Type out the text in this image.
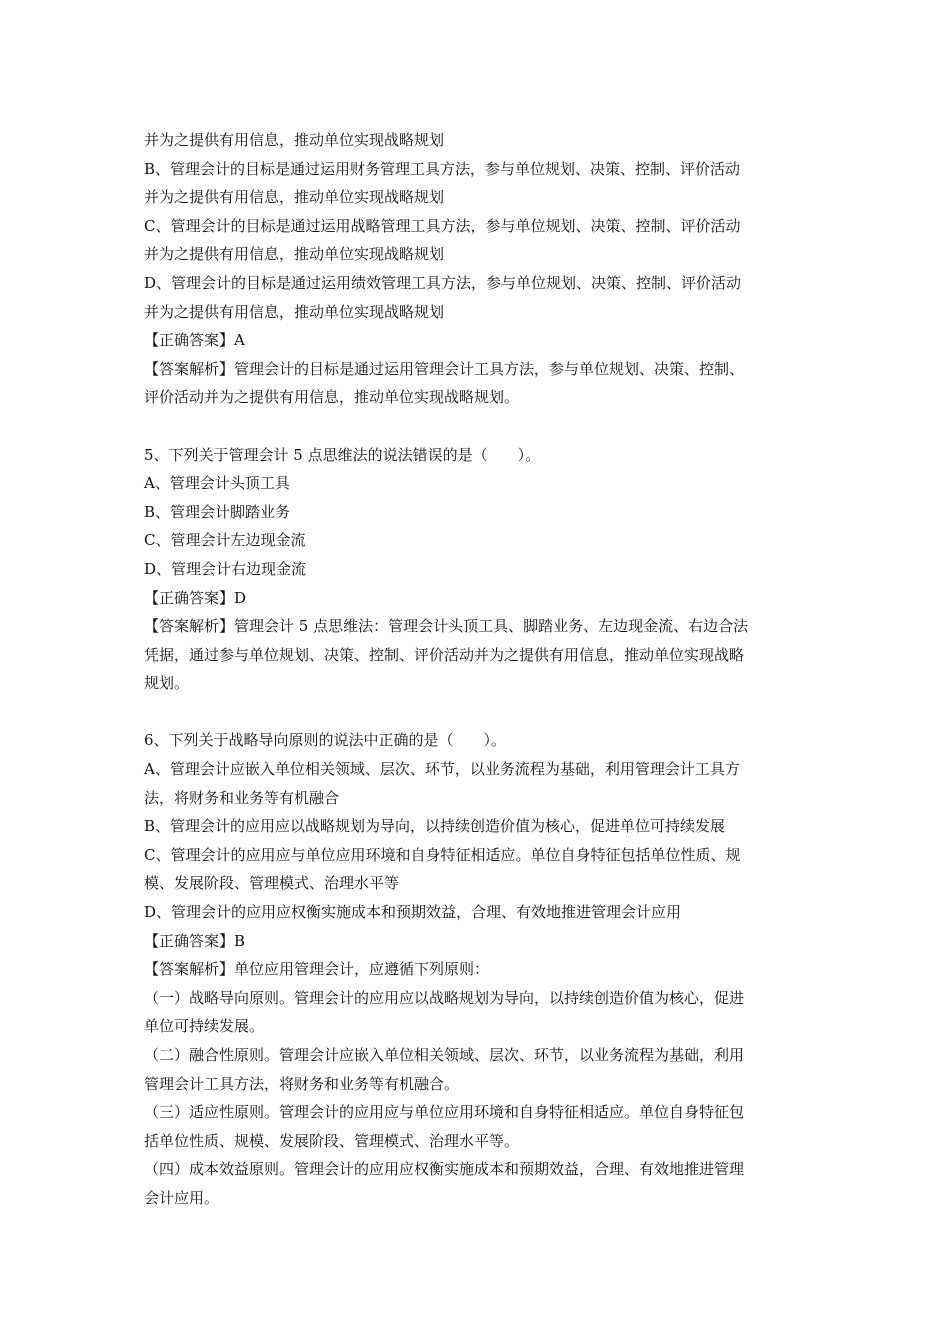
并为之提供有用信息，推动单位实现战略规划
B、管理会计的目标是通过运用财务管理工具方法，参与单位规划、决策、控制、评价活动
并为之提供有用信息，推动单位实现战略规划
C、管理会计的目标是通过运用战略管理工具方法，参与单位规划、决策、控制、评价活动
并为之提供有用信息，推动单位实现战略规划
D、管理会计的目标是通过运用绩效管理工具方法，参与单位规划、决策、控制、评价活动
并为之提供有用信息，推动单位实现战略规划
【正确答案】A
【答案解析】管理会计的目标是通过运用管理会计工具方法，参与单位规划、决策、控制、
评价活动并为之提供有用信息，推动单位实现战略规划。
5、下列关于管理会计 5 点思维法的说法错误的是（　　）。
A、管理会计头顶工具
B、管理会计脚踏业务
C、管理会计左边现金流
D、管理会计右边现金流
【正确答案】D
【答案解析】管理会计 5 点思维法：管理会计头顶工具、脚踏业务、左边现金流、右边合法
凭据，通过参与单位规划、决策、控制、评价活动并为之提供有用信息，推动单位实现战略
规划。
6、下列关于战略导向原则的说法中正确的是（　　）。
A、管理会计应嵌入单位相关领域、层次、环节，以业务流程为基础，利用管理会计工具方
法，将财务和业务等有机融合
B、管理会计的应用应以战略规划为导向，以持续创造价值为核心，促进单位可持续发展
C、管理会计的应用应与单位应用环境和自身特征相适应。单位自身特征包括单位性质、规
模、发展阶段、管理模式、治理水平等
D、管理会计的应用应权衡实施成本和预期效益，合理、有效地推进管理会计应用
【正确答案】B
【答案解析】单位应用管理会计，应遵循下列原则：
（一）战略导向原则。管理会计的应用应以战略规划为导向，以持续创造价值为核心，促进
单位可持续发展。
（二）融合性原则。管理会计应嵌入单位相关领域、层次、环节，以业务流程为基础，利用
管理会计工具方法，将财务和业务等有机融合。
（三）适应性原则。管理会计的应用应与单位应用环境和自身特征相适应。单位自身特征包
括单位性质、规模、发展阶段、管理模式、治理水平等。
（四）成本效益原则。管理会计的应用应权衡实施成本和预期效益，合理、有效地推进管理
会计应用。
